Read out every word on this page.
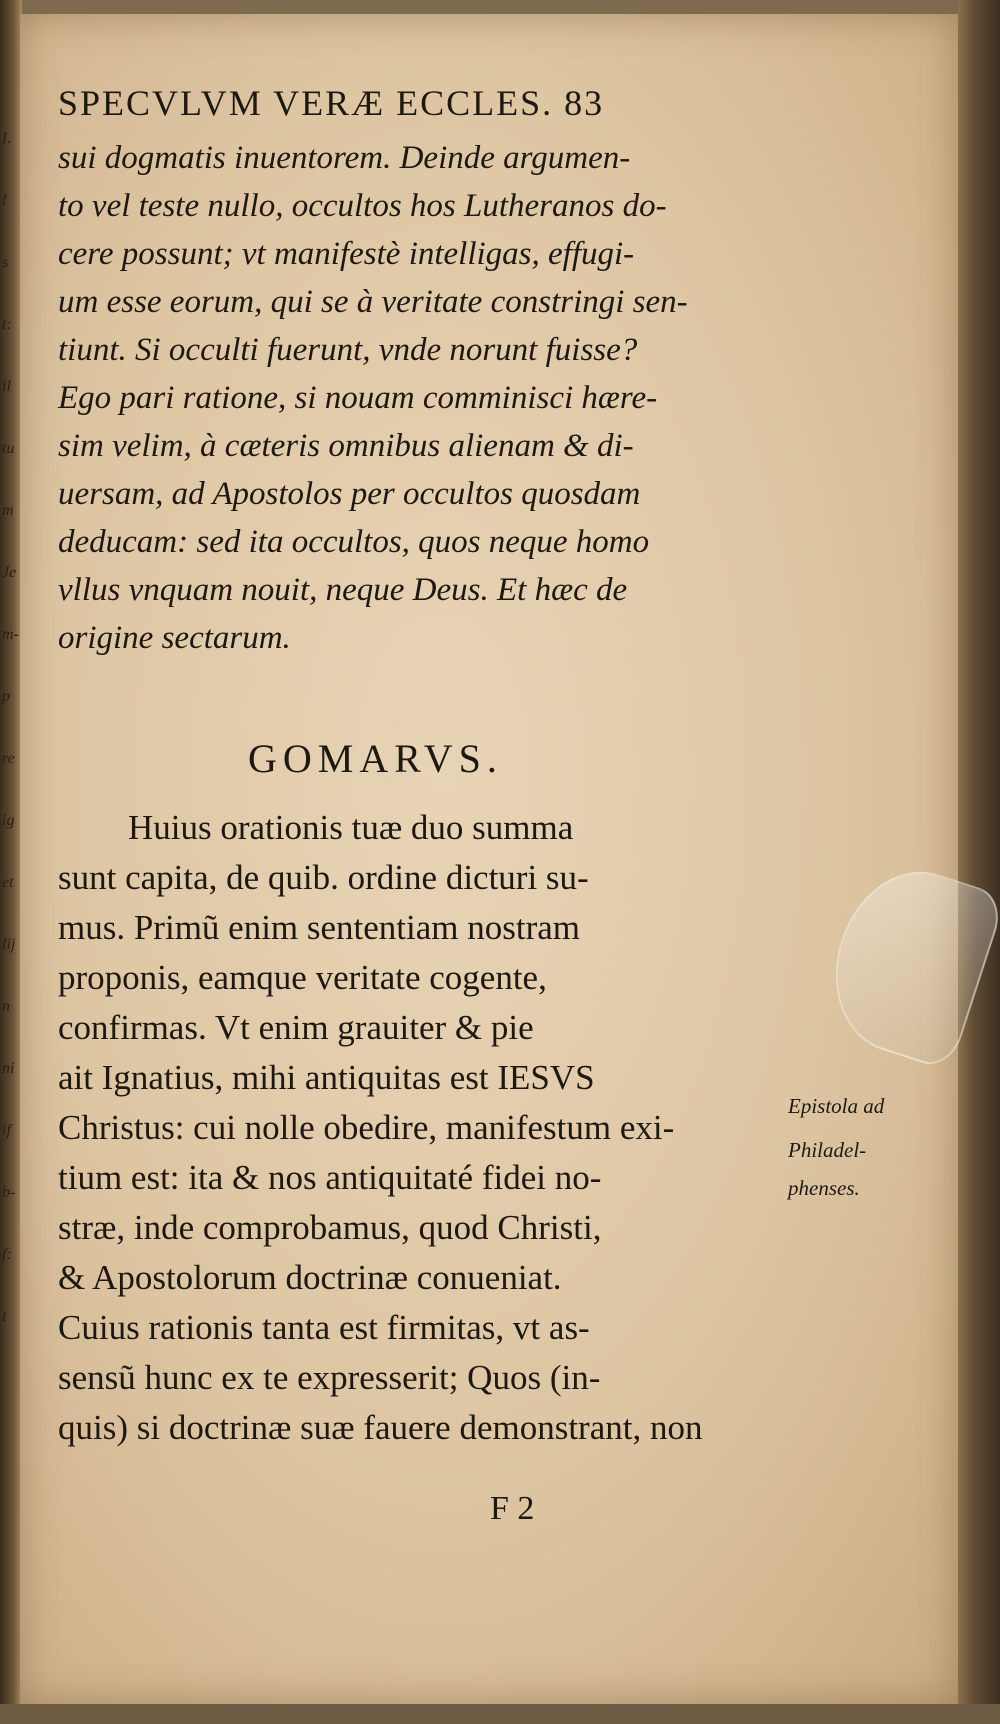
I.
l
s
t:
il
tu
m
Je
m-
p
re
ig
et
lij
n
ni
if
b-
f:
t
SPECVLVM VERÆ ECCLES. 83
sui dogmatis inuentorem. Deinde argumen-
to vel teste nullo, occultos hos Lutheranos do-
cere possunt; vt manifestè intelligas, effugi-
um esse eorum, qui se à veritate constringi sen-
tiunt. Si occulti fuerunt, vnde norunt fuisse?
Ego pari ratione, si nouam comminisci hære-
sim velim, à cæteris omnibus alienam & di-
uersam, ad Apostolos per occultos quosdam
deducam: sed ita occultos, quos neque homo
vllus vnquam nouit, neque Deus. Et hæc de
origine sectarum.
GOMARVS.
Huius orationis tuæ duo summa
sunt capita, de quib. ordine dicturi su-
mus. Primũ enim sententiam nostram
proponis, eamque veritate cogente,
confirmas. Vt enim grauiter & pie
ait Ignatius, mihi antiquitas est IESVS
Christus: cui nolle obedire, manifestum exi-
tium est: ita & nos antiquitaté fidei no-
stræ, inde comprobamus, quod Christi,
& Apostolorum doctrinæ conueniat.
Cuius rationis tanta est firmitas, vt as-
sensũ hunc ex te expresserit; Quos (in-
quis) si doctrinæ suæ fauere demonstrant, non
Epistola ad
Philadel-
phenses.
F 2
